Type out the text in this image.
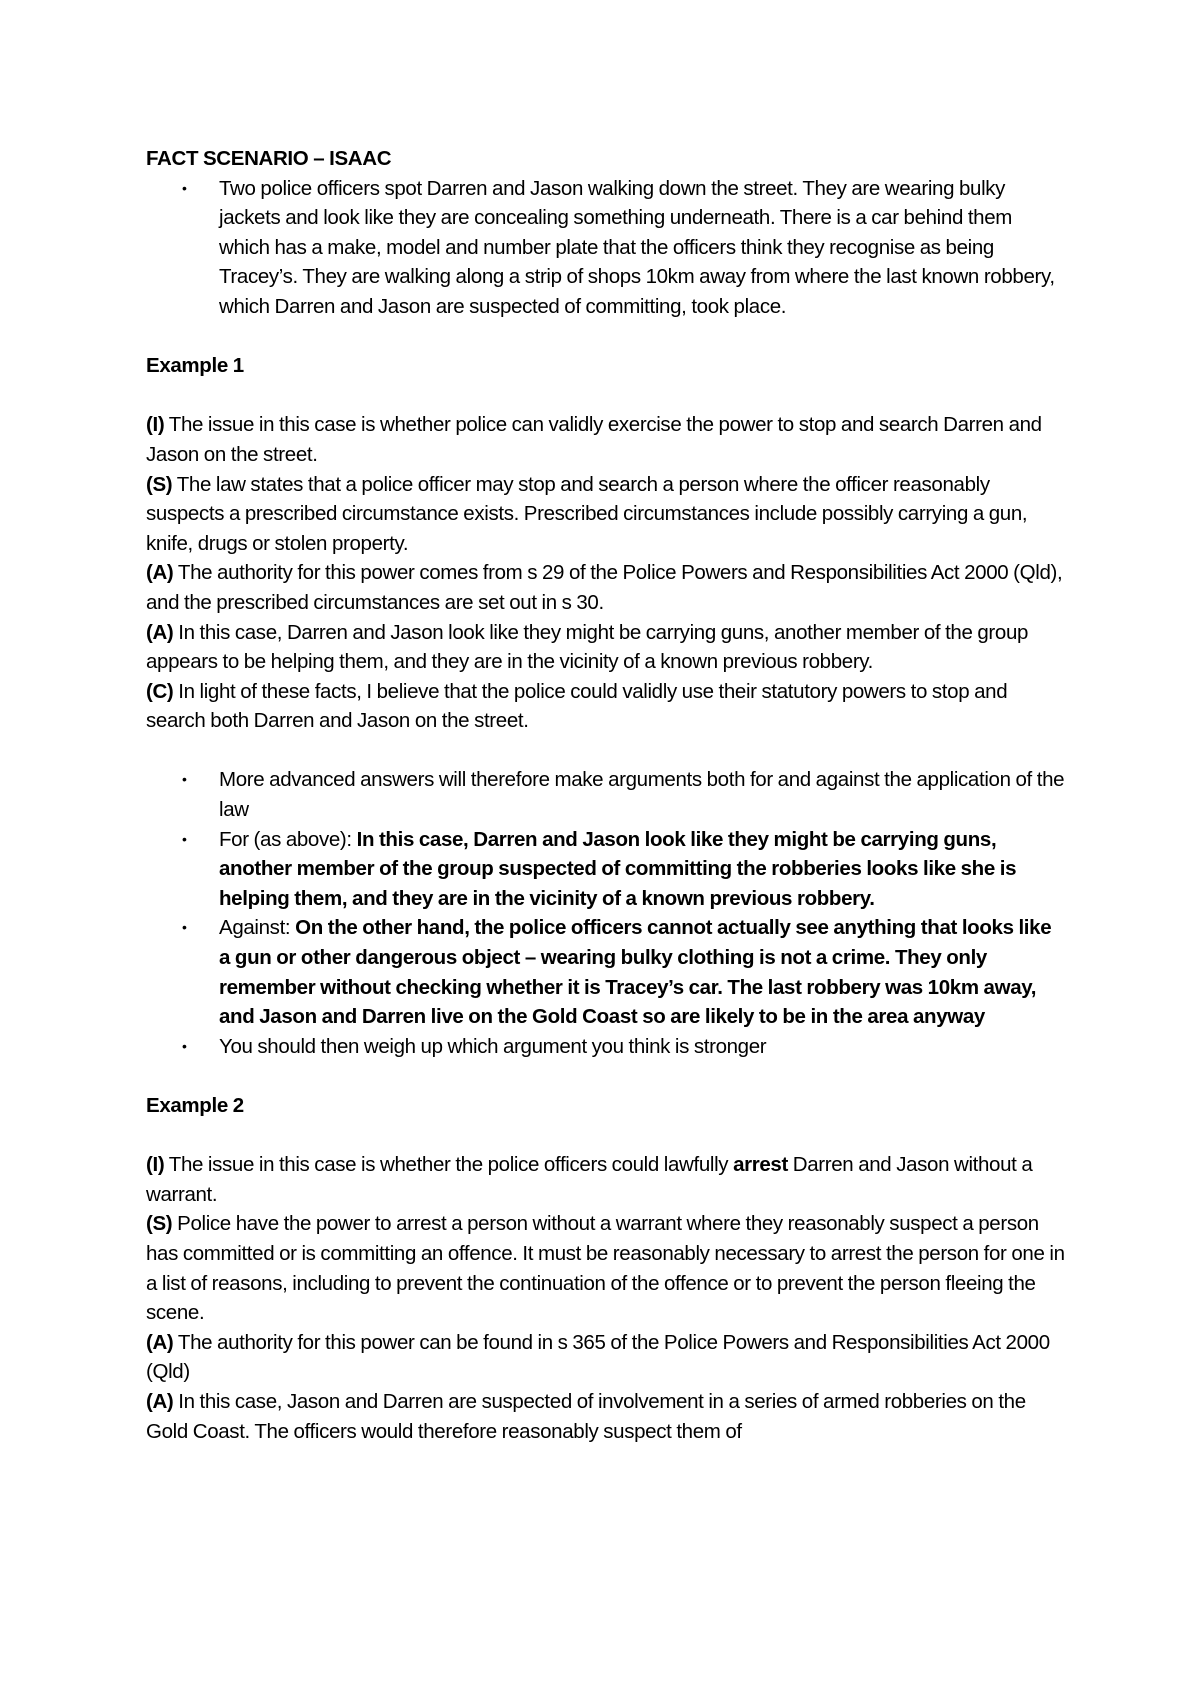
FACT SCENARIO – ISAAC

• Two police officers spot Darren and Jason walking down the street. They are wearing bulky jackets and look like they are concealing something underneath. There is a car behind them which has a make, model and number plate that the officers think they recognise as being Tracey’s. They are walking along a strip of shops 10km away from where the last known robbery, which Darren and Jason are suspected of committing, took place.

Example 1

(I) The issue in this case is whether police can validly exercise the power to stop and search Darren and Jason on the street.

(S) The law states that a police officer may stop and search a person where the officer reasonably suspects a prescribed circumstance exists. Prescribed circumstances include possibly carrying a gun, knife, drugs or stolen property.

(A) The authority for this power comes from s 29 of the Police Powers and Responsibilities Act 2000 (Qld), and the prescribed circumstances are set out in s 30.

(A) In this case, Darren and Jason look like they might be carrying guns, another member of the group appears to be helping them, and they are in the vicinity of a known previous robbery.

(C) In light of these facts, I believe that the police could validly use their statutory powers to stop and search both Darren and Jason on the street.

• More advanced answers will therefore make arguments both for and against the application of the law
• For (as above): In this case, Darren and Jason look like they might be carrying guns, another member of the group suspected of committing the robberies looks like she is helping them, and they are in the vicinity of a known previous robbery.
• Against: On the other hand, the police officers cannot actually see anything that looks like a gun or other dangerous object – wearing bulky clothing is not a crime. They only remember without checking whether it is Tracey’s car. The last robbery was 10km away, and Jason and Darren live on the Gold Coast so are likely to be in the area anyway
• You should then weigh up which argument you think is stronger

Example 2

(I) The issue in this case is whether the police officers could lawfully arrest Darren and Jason without a warrant.

(S) Police have the power to arrest a person without a warrant where they reasonably suspect a person has committed or is committing an offence. It must be reasonably necessary to arrest the person for one in a list of reasons, including to prevent the continuation of the offence or to prevent the person fleeing the scene.

(A) The authority for this power can be found in s 365 of the Police Powers and Responsibilities Act 2000 (Qld)

(A) In this case, Jason and Darren are suspected of involvement in a series of armed robberies on the Gold Coast. The officers would therefore reasonably suspect them of
